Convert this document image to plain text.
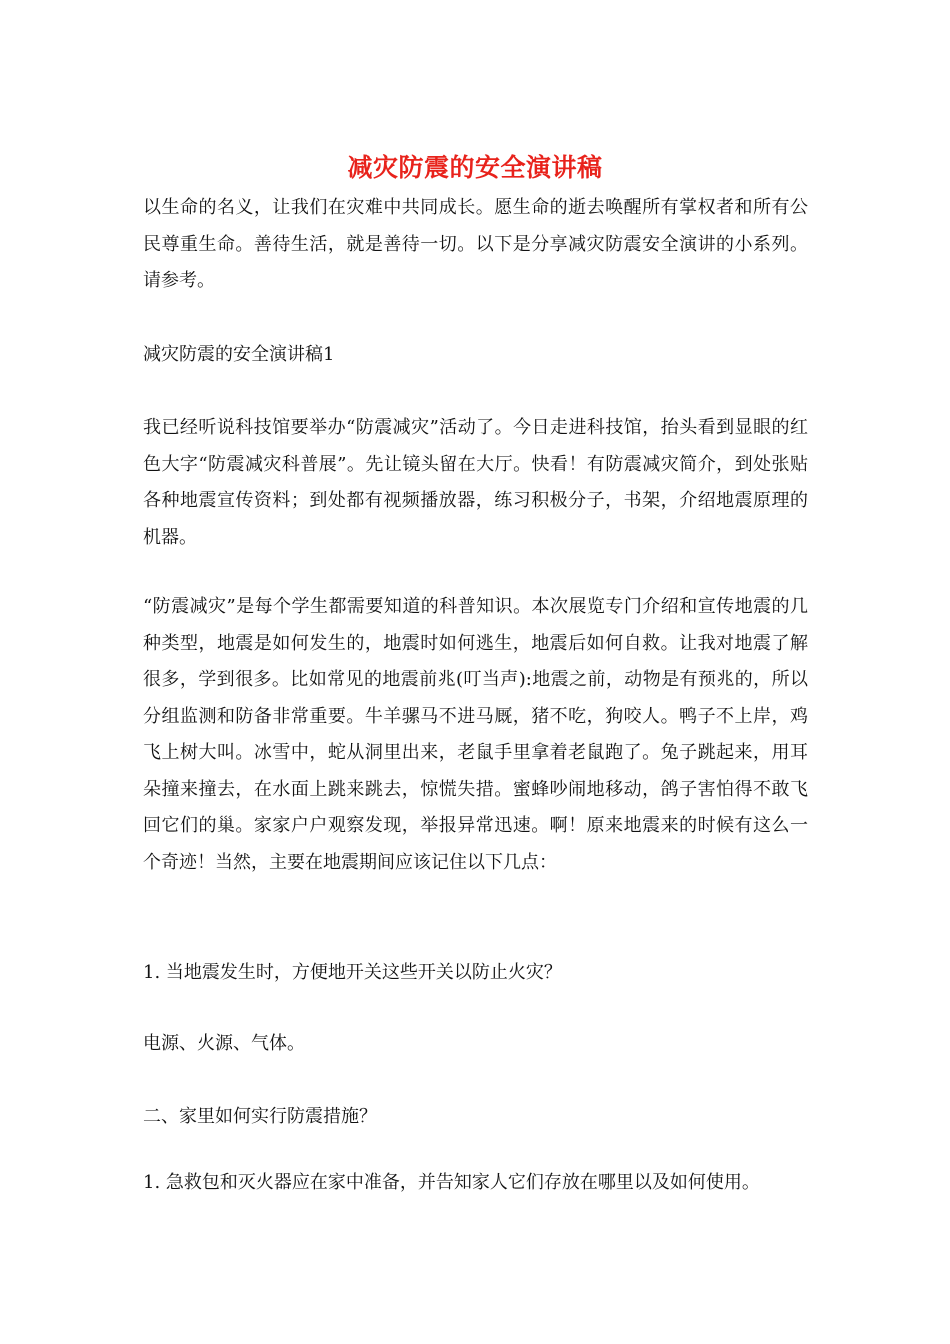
减灾防震的安全演讲稿

以生命的名义，让我们在灾难中共同成长。愿生命的逝去唤醒所有掌权者和所有公民尊重生命。善待生活，就是善待一切。以下是分享减灾防震安全演讲的小系列。请参考。

减灾防震的安全演讲稿1

我已经听说科技馆要举办“防震减灾”活动了。今日走进科技馆，抬头看到显眼的红色大字“防震减灾科普展”。先让镜头留在大厅。快看！有防震减灾简介，到处张贴各种地震宣传资料；到处都有视频播放器，练习积极分子，书架，介绍地震原理的机器。

“防震减灾”是每个学生都需要知道的科普知识。本次展览专门介绍和宣传地震的几种类型，地震是如何发生的，地震时如何逃生，地震后如何自救。让我对地震了解很多，学到很多。比如常见的地震前兆(叮当声):地震之前，动物是有预兆的，所以分组监测和防备非常重要。牛羊骡马不进马厩，猪不吃，狗咬人。鸭子不上岸，鸡飞上树大叫。冰雪中，蛇从洞里出来，老鼠手里拿着老鼠跑了。兔子跳起来，用耳朵撞来撞去，在水面上跳来跳去，惊慌失措。蜜蜂吵闹地移动，鸽子害怕得不敢飞回它们的巢。家家户户观察发现，举报异常迅速。啊！原来地震来的时候有这么一个奇迹！当然，主要在地震期间应该记住以下几点：

1. 当地震发生时，方便地开关这些开关以防止火灾？

电源、火源、气体。

二、家里如何实行防震措施？

1. 急救包和灭火器应在家中准备，并告知家人它们存放在哪里以及如何使用。
